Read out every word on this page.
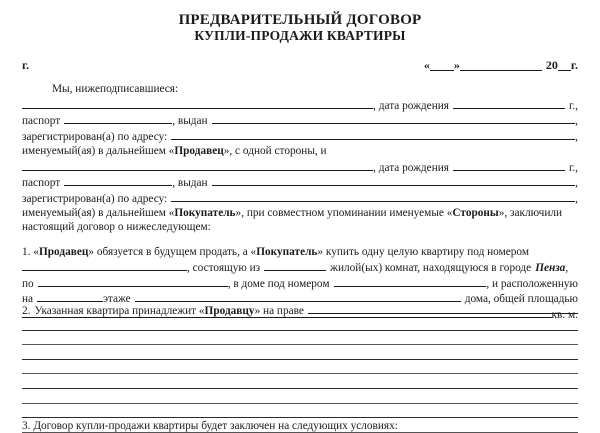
ПРЕДВАРИТЕЛЬНЫЙ ДОГОВОР
КУПЛИ-ПРОДАЖИ КВАРТИРЫ
г.	« »	20 г.
Мы, нижеподписавшиеся:
, дата рождения	г.,
паспорт	, выдан	,
зарегистрирован(а) по адресу:	,
именуемый(ая) в дальнейшем «Продавец», с одной стороны, и
, дата рождения	г.,
паспорт	, выдан	,
зарегистрирован(а) по адресу:	,
именуемый(ая) в дальнейшем «Покупатель», при совместном упоминании именуемые «Стороны», заключили
настоящий договор о нижеследующем:
1. «Продавец» обязуется в будущем продать, а «Покупатель» купить одну целую квартиру под номером
, состоящую из	жилой(ых) комнат, находящуюся в городе Пенза ,
по	, в доме под номером	, и расположенную
на	этаже	дома, общей площадью
кв. м.
2. Указанная квартира принадлежит « Продавцу » на праве
3. Договор купли-продажи квартиры будет заключен на следующих условиях:
